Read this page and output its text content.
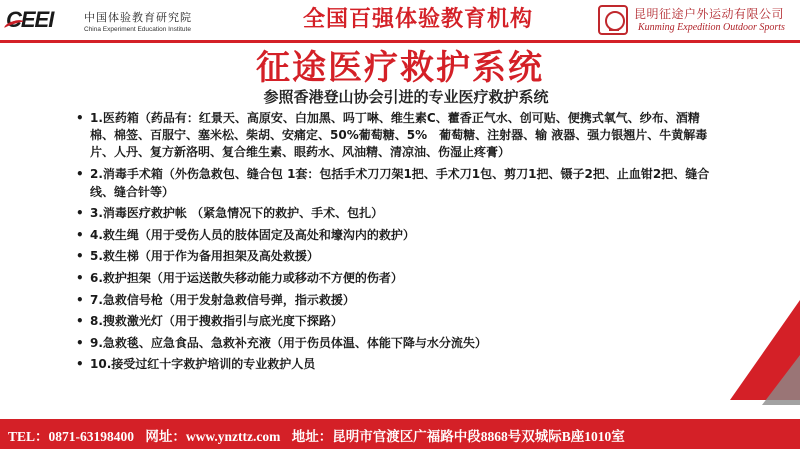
CEEI	中国体验教育研究院
China Experiment Education Institute	全国百强体验教育机构	昆明征途户外运动有限公司
Kunming Expedition Outdoor Sports
征途医疗救护系统
参照香港登山协会引进的专业医疗救护系统
• 1.医药箱（药品有：红景天、高原安、白加黑、吗丁啉、维生素C、藿香正气水、创可贴、便携式氧气、纱布、酒精棉、棉签、百服宁、塞米松、柴胡、安痛定、50%葡萄糖、5%　葡萄糖、注射器、输 液器、强力银翘片、牛黄解毒片、人丹、复方新洛明、复合维生素、眼药水、风油精、清凉油、伤湿止疼膏）
• 2.消毒手术箱（外伤急救包、缝合包 1套：包括手术刀刀架1把、手术刀1包、剪刀1把、镊子2把、止血钳2把、缝合线、缝合针等）
• 3.消毒医疗救护帐 （紧急情况下的救护、手术、包扎）
• 4.救生绳（用于受伤人员的肢体固定及高处和壕沟内的救护）
• 5.救生梯（用于作为备用担架及高处救援）
• 6.救护担架（用于运送散失移动能力或移动不方便的伤者）
• 7.急救信号枪（用于发射急救信号弹，指示救援）
• 8.搜救激光灯（用于搜救指引与底光度下探路）
• 9.急救毯、应急食品、急救补充液（用于伤员体温、体能下降与水分流失）
• 10.接受过红十字救护培训的专业救护人员
TEL：0871-63198400 网址：www.ynzttz.com 地址：昆明市官渡区广福路中段8868号双城际B座1010室
